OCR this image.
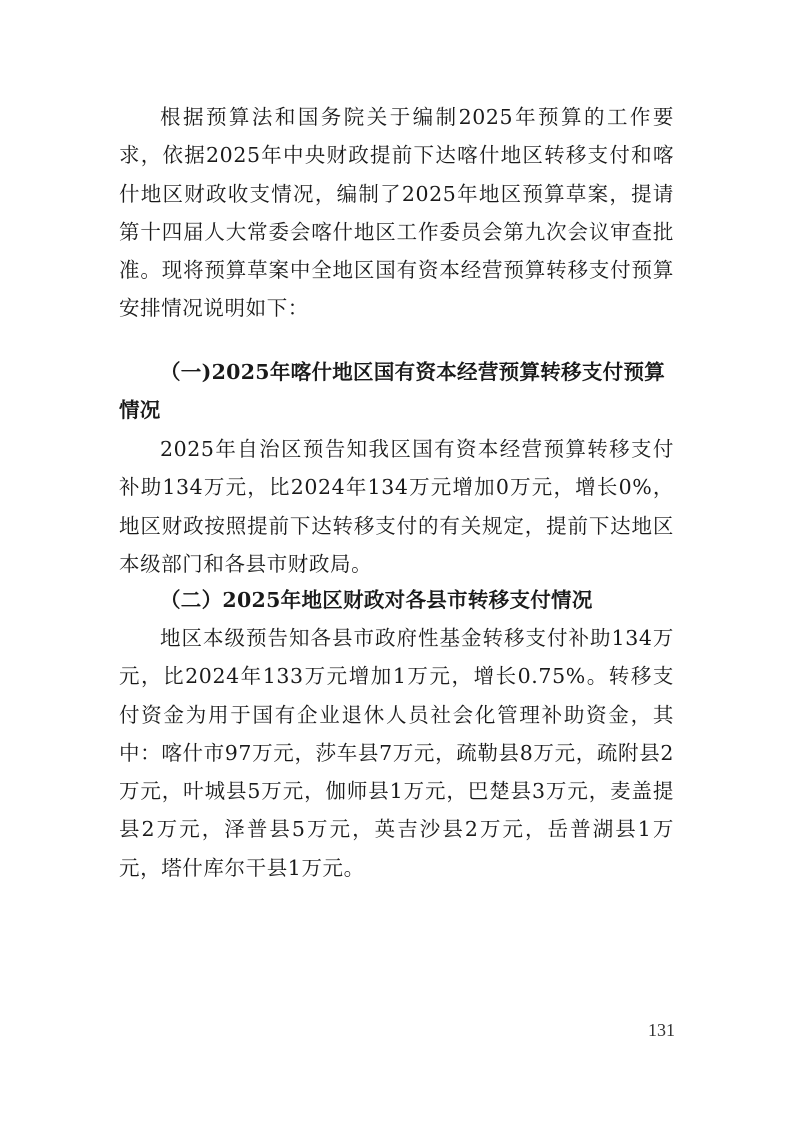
根据预算法和国务院关于编制2025年预算的工作要求，依据2025年中央财政提前下达喀什地区转移支付和喀什地区财政收支情况，编制了2025年地区预算草案，提请第十四届人大常委会喀什地区工作委员会第九次会议审查批准。现将预算草案中全地区国有资本经营预算转移支付预算安排情况说明如下：

（一)2025年喀什地区国有资本经营预算转移支付预算情况

2025年自治区预告知我区国有资本经营预算转移支付补助134万元，比2024年134万元增加0万元，增长0%，地区财政按照提前下达转移支付的有关规定，提前下达地区本级部门和各县市财政局。

（二）2025年地区财政对各县市转移支付情况

地区本级预告知各县市政府性基金转移支付补助134万元，比2024年133万元增加1万元，增长0.75%。转移支付资金为用于国有企业退休人员社会化管理补助资金，其中：喀什市97万元，莎车县7万元，疏勒县8万元，疏附县2万元，叶城县5万元，伽师县1万元，巴楚县3万元，麦盖提县2万元，泽普县5万元，英吉沙县2万元，岳普湖县1万元，塔什库尔干县1万元。

131
